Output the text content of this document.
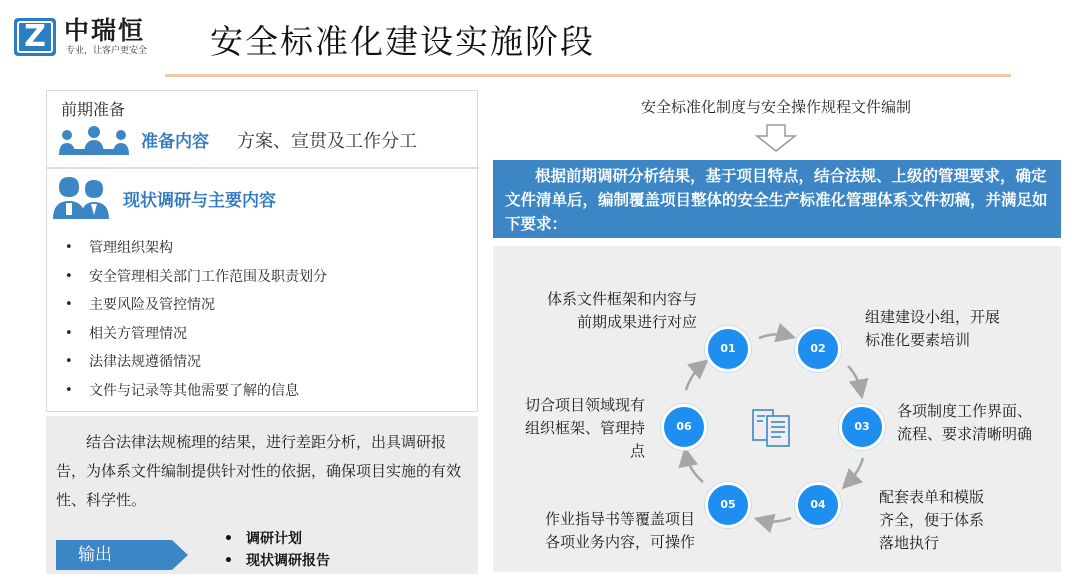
Z 中瑞恒
专业，让客户更安全 安全标准化建设实施阶段
前期准备
准备内容 方案、宣贯及工作分工
现状调研与主要内容
• 管理组织架构
• 安全管理相关部门工作范围及职责划分
• 主要风险及管控情况
• 相关方管理情况
• 法律法规遵循情况
• 文件与记录等其他需要了解的信息
结合法律法规梳理的结果，进行差距分析，出具调研报告，为体系文件编制提供针对性的依据，确保项目实施的有效性、科学性。
输出
• 调研计划
• 现状调研报告
安全标准化制度与安全操作规程文件编制
根据前期调研分析结果，基于项目特点，结合法规、上级的管理要求，确定文件清单后，编制覆盖项目整体的安全生产标准化管理体系文件初稿，并满足如下要求：
01	02
03
04
05
06
体系文件框架和内容与
前期成果进行对应	组建建设小组，开展
标准化要素培训
各项制度工作界面、
流程、要求清晰明确
配套表单和模版
齐全，便于体系
落地执行
作业指导书等覆盖项目
各项业务内容，可操作
切合项目领域现有
组织框架、管理持
点
